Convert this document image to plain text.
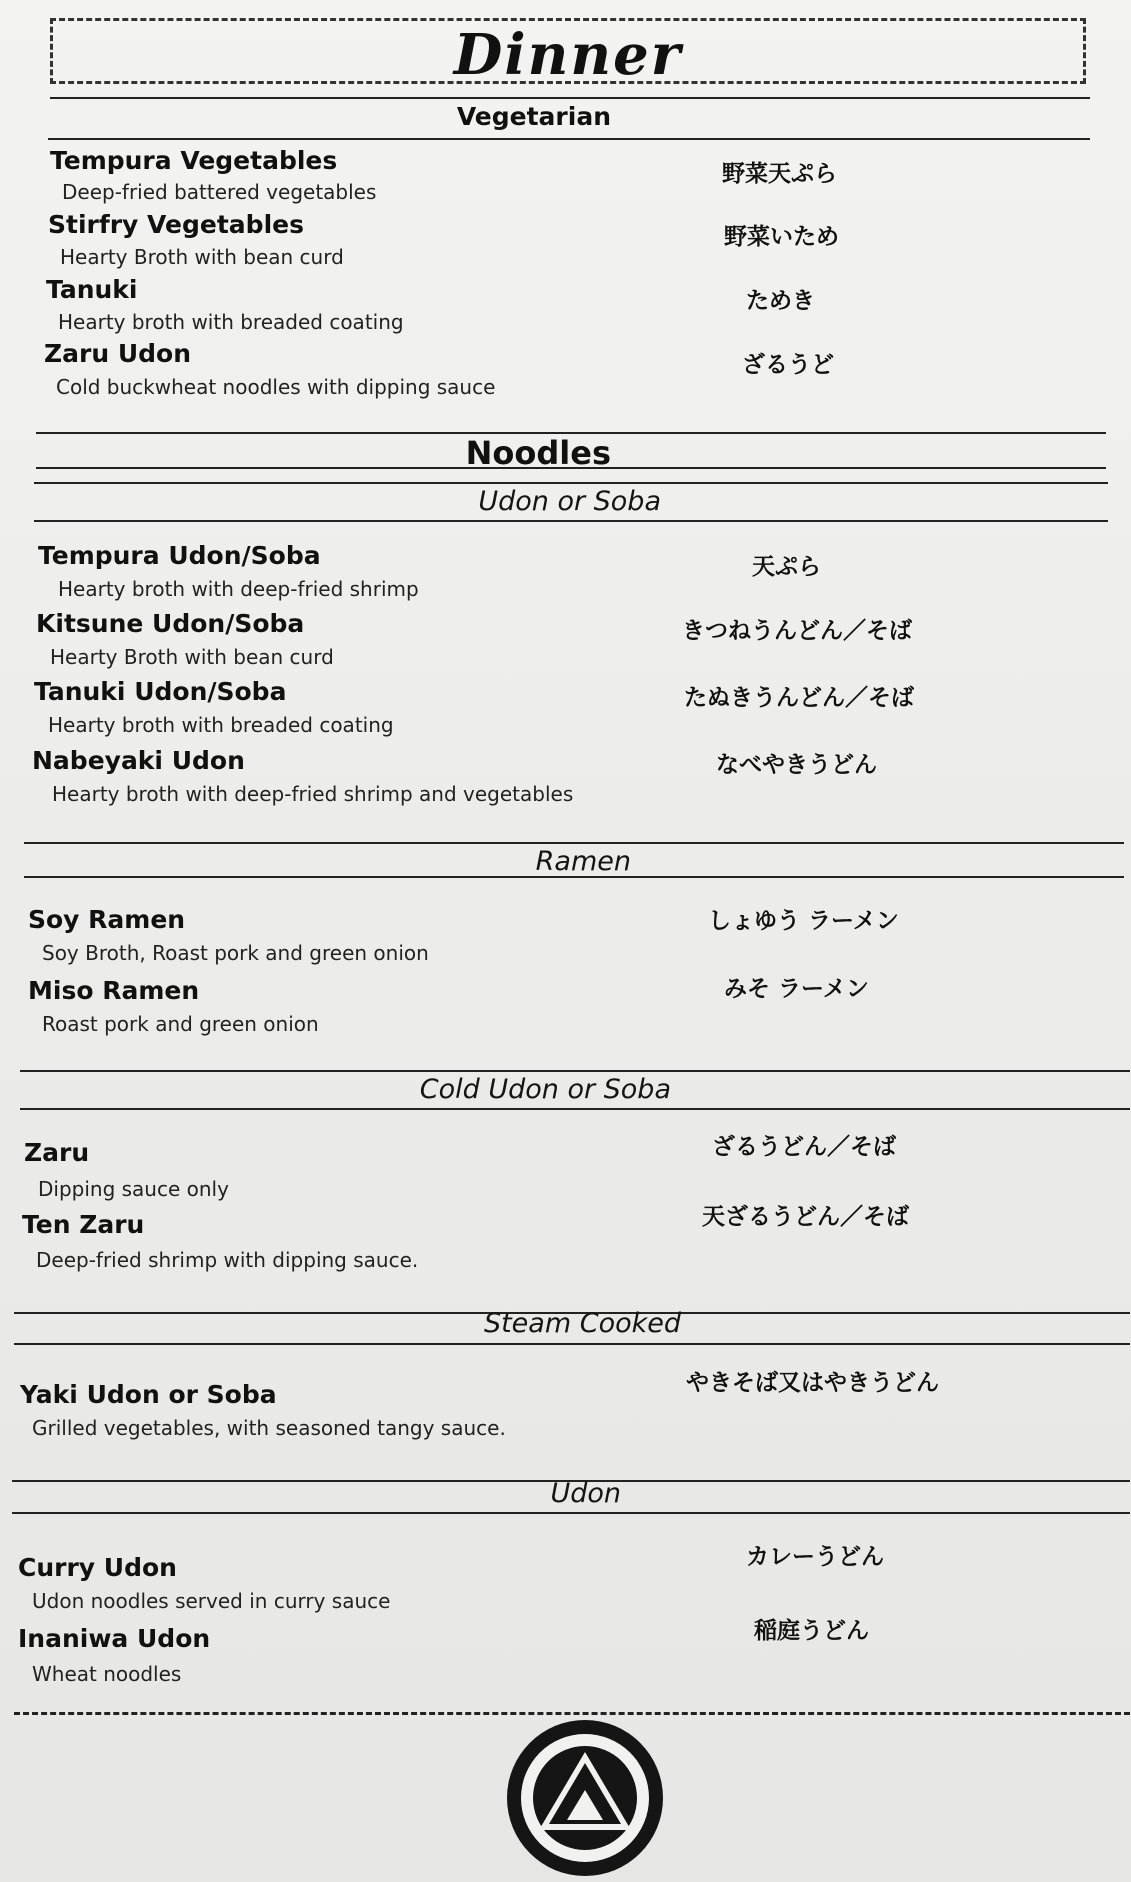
Dinner
Vegetarian
Tempura Vegetables
Deep-fried battered vegetables
野菜天ぷら
Stirfry Vegetables
Hearty Broth with bean curd
野菜いため
Tanuki
Hearty broth with breaded coating
ためき
Zaru Udon
Cold buckwheat noodles with dipping sauce
ざるうど
Noodles
Udon or Soba
Tempura Udon/Soba
Hearty broth with deep-fried shrimp
天ぷら
Kitsune Udon/Soba
Hearty Broth with bean curd
きつねうんどん／そば
Tanuki Udon/Soba
Hearty broth with breaded coating
たぬきうんどん／そば
Nabeyaki Udon
Hearty broth with deep-fried shrimp and vegetables
なべやきうどん
Ramen
Soy Ramen
Soy Broth, Roast pork and green onion
しょゆう ラーメン
Miso Ramen
Roast pork and green onion
みそ ラーメン
Cold Udon or Soba
Zaru
Dipping sauce only
ざるうどん／そば
Ten Zaru
Deep-fried shrimp with dipping sauce.
天ざるうどん／そば
Steam Cooked
Yaki Udon or Soba
Grilled vegetables, with seasoned tangy sauce.
やきそば又はやきうどん
Udon
Curry Udon
Udon noodles served in curry sauce
カレーうどん
Inaniwa Udon
Wheat noodles
稲庭うどん
